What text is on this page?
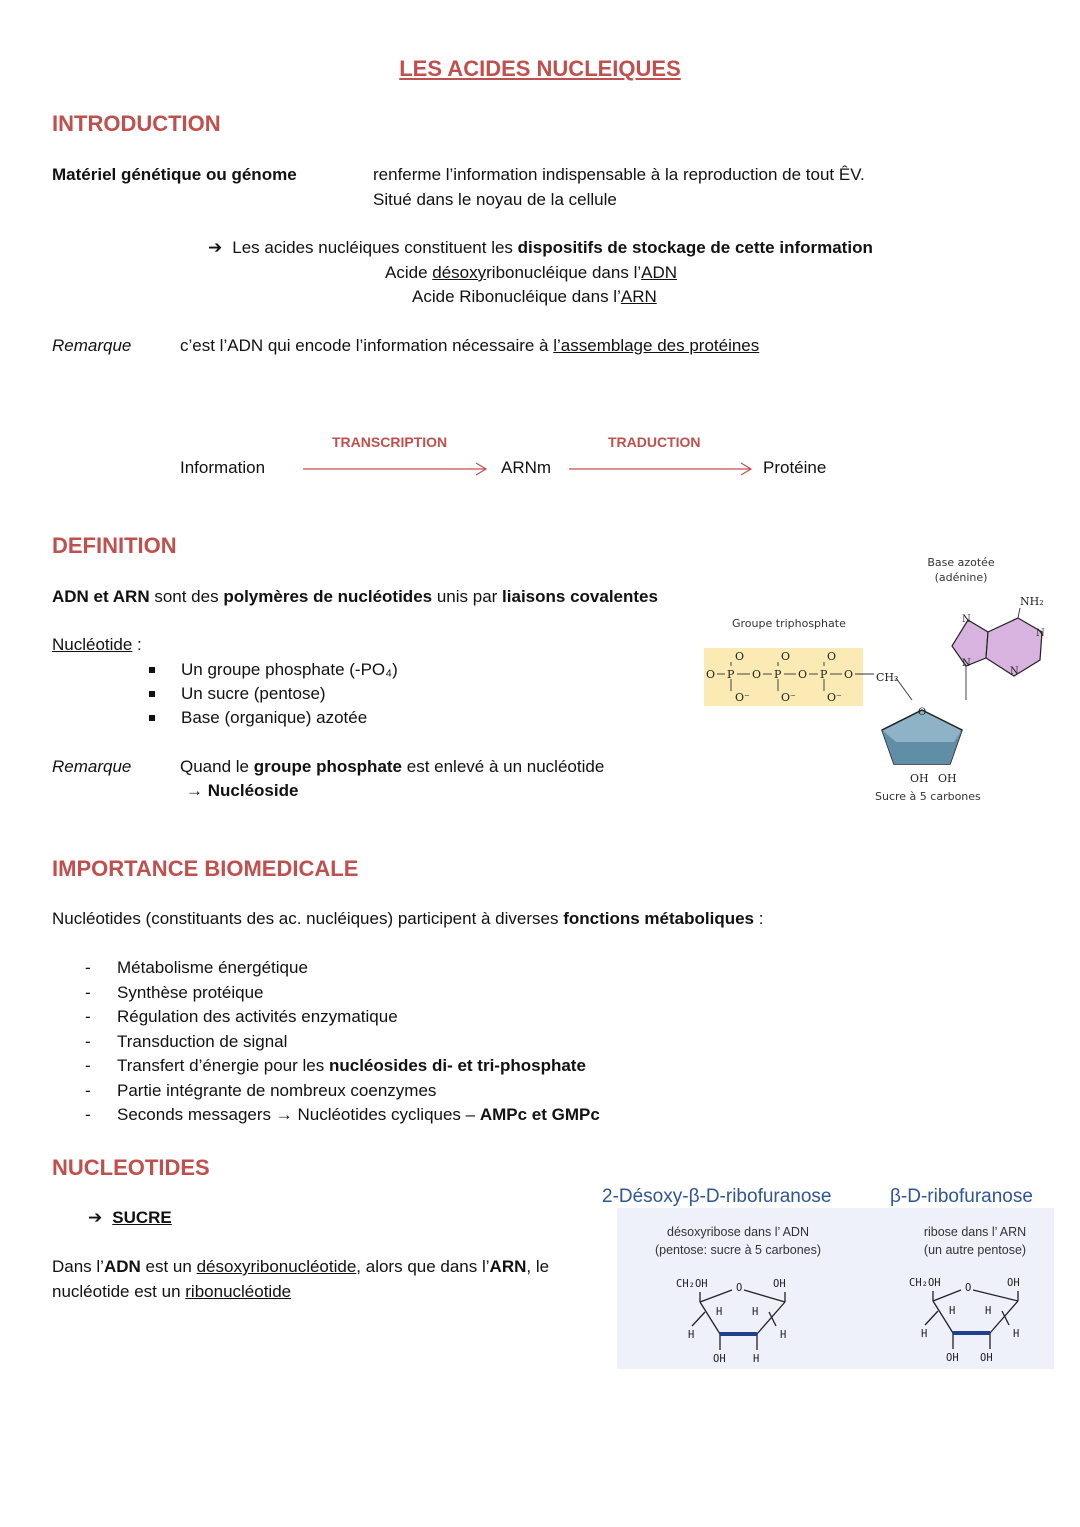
LES ACIDES NUCLEIQUES
INTRODUCTION
Matériel génétique ou génome	renferme l’information indispensable à la reproduction de tout ÊV.
Situé dans le noyau de la cellule
➔ Les acides nucléiques constituent les dispositifs de stockage de cette information
Acide désoxyribonucléique dans l’ADN
Acide Ribonucléique dans l’ARN
Remarque	c’est l’ADN qui encode l’information nécessaire à l’assemblage des protéines
TRANSCRIPTION	TRADUCTION
Information	ARNm	Protéine
DEFINITION
ADN et ARN sont des polymères de nucléotides unis par liaisons covalentes
Nucléotide :
Un groupe phosphate (-PO₄)
Un sucre (pentose)
Base (organique) azotée
Remarque	Quand le groupe phosphate est enlevé à un nucléotide
→ Nucléoside
Base azotée
(adénine)
Groupe triphosphate
O P O P O P O CH₂
O	O	O
O⁻	O⁻	O⁻
OH OH
NH₂
O
N
N
N
N
Sucre à 5 carbones
IMPORTANCE BIOMEDICALE
Nucléotides (constituants des ac. nucléiques) participent à diverses fonctions métaboliques :
- Métabolisme énergétique
- Synthèse protéique
- Régulation des activités enzymatique
- Transduction de signal
- Transfert d’énergie pour les nucléosides di- et tri-phosphate
- Partie intégrante de nombreux coenzymes
- Seconds messagers → Nucléotides cycliques – AMPc et GMPc
NUCLEOTIDES
➔ SUCRE
Dans l’ADN est un désoxyribonucléotide, alors que dans l’ARN, le
nucléotide est un ribonucléotide
2-Désoxy-β-D-ribofuranose	β-D-ribofuranose
désoxyribose dans l’ ADN
(pentose: sucre à 5 carbones)
ribose dans l’ ARN
(un autre pentose)
CH₂OH	O	OH
H	H
H	H
OH	H
CH₂OH O	OH
H	H
H	H
OH OH
